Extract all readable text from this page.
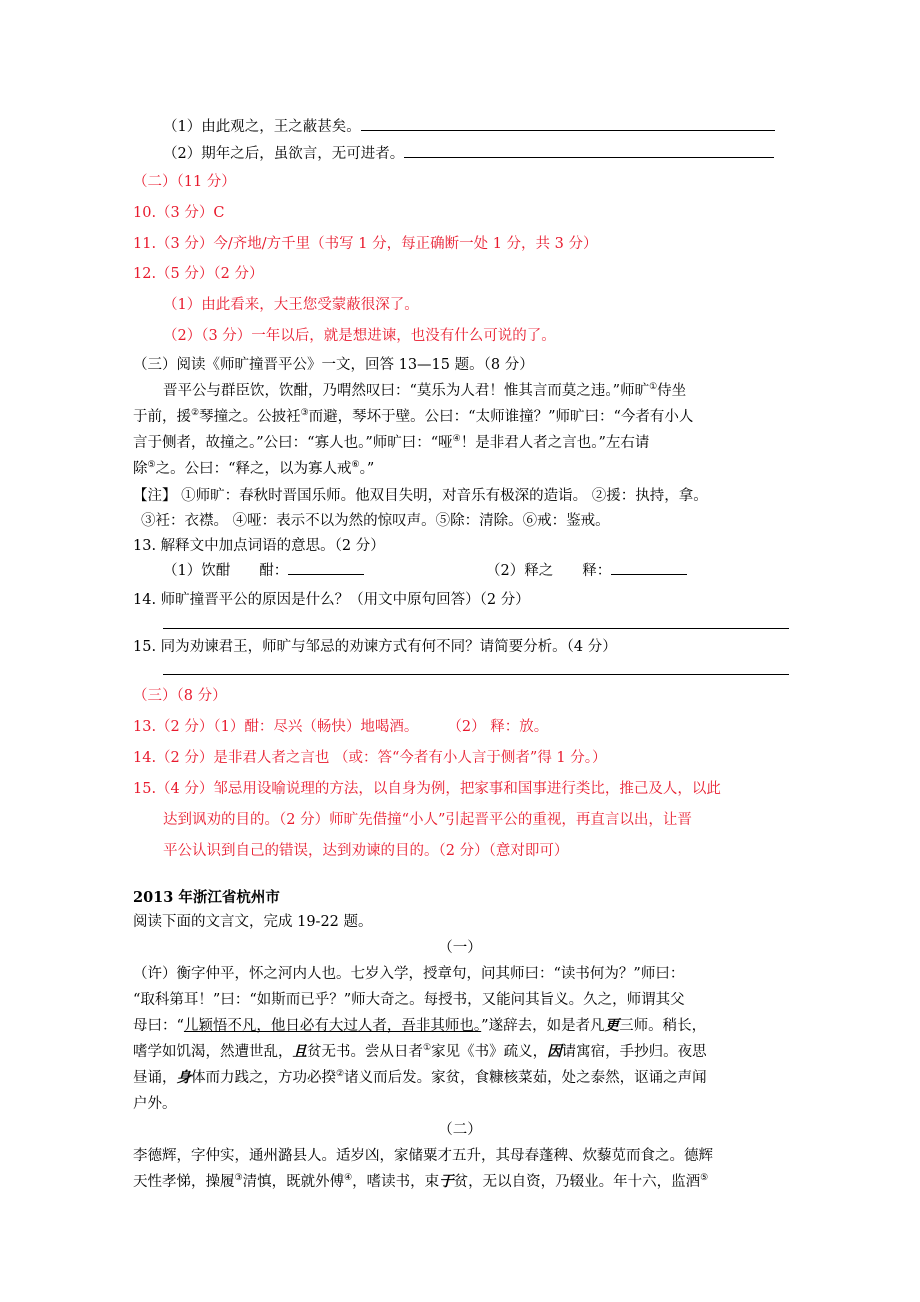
（1）由此观之，王之蔽甚矣。
（2）期年之后，虽欲言，无可进者。
（二）（11 分）
10.（3 分）C
11.（3 分）今/齐地/方千里（书写 1 分，每正确断一处 1 分，共 3 分）
12.（5 分）（2 分）
（1）由此看来，大王您受蒙蔽很深了。
（2）（3 分）一年以后，就是想进谏，也没有什么可说的了。
（三）阅读《师旷撞晋平公》一文，回答 13—15 题。（8 分）
晋平公与群臣饮，饮酣，乃喟然叹曰：“莫乐为人君！惟其言而莫之违。”师旷①侍坐
于前，援②琴撞之。公披衽③而避，琴坏于壁。公曰：“太师谁撞？”师旷曰：“今者有小人
言于侧者，故撞之。”公曰：“寡人也。”师旷曰：“哑④！是非君人者之言也。”左右请
除⑤之。公曰：“释之，以为寡人戒⑥。”
【注】 ①师旷：春秋时晋国乐师。他双目失明，对音乐有极深的造诣。 ②援：执持，拿。
③衽：衣襟。 ④哑：表示不以为然的惊叹声。⑤除：清除。⑥戒：鉴戒。
13. 解释文中加点词语的意思。（2 分）
（1）饮酣　　酣：	（2）释之　　释：
14. 师旷撞晋平公的原因是什么？（用文中原句回答）（2 分）
15. 同为劝谏君王，师旷与邹忌的劝谏方式有何不同？请简要分析。（4 分）
（三）（8 分）
13.（2 分）（1）酣：尽兴（畅快）地喝酒。　　　（2） 释：放。
14.（2 分）是非君人者之言也 （或：答“今者有小人言于侧者”得 1 分。）
15.（4 分）邹忌用设喻说理的方法，以自身为例，把家事和国事进行类比，推己及人，以此
达到讽劝的目的。（2 分）师旷先借撞“小人”引起晋平公的重视，再直言以出，让晋
平公认识到自己的错误，达到劝谏的目的。（2 分）（意对即可）
2013 年浙江省杭州市
阅读下面的文言文，完成 19-22 题。
（一）
（许）衡字仲平，怀之河内人也。七岁入学，授章句，问其师曰：“读书何为？”师曰：
“取科第耳！”曰：“如斯而已乎？”师大奇之。每授书，又能问其旨义。久之，师谓其父
母曰：“儿颖悟不凡，他日必有大过人者，吾非其师也。”遂辞去，如是者凡更三师。稍长，
嗜学如饥渴，然遭世乱，且贫无书。尝从日者①家见《书》疏义，因请寓宿，手抄归。夜思
昼诵，身体而力践之，方功必揆②诸义而后发。家贫，食糠核菜茹，处之泰然，讴诵之声闻
户外。
（二）
李德辉，字仲实，通州潞县人。适岁凶，家储粟才五升，其母春蓬稗、炊藜苋而食之。德辉
天性孝悌，操履③清慎，既就外傅④，嗜读书，束于贫，无以自资，乃辍业。年十六，监酒⑤
